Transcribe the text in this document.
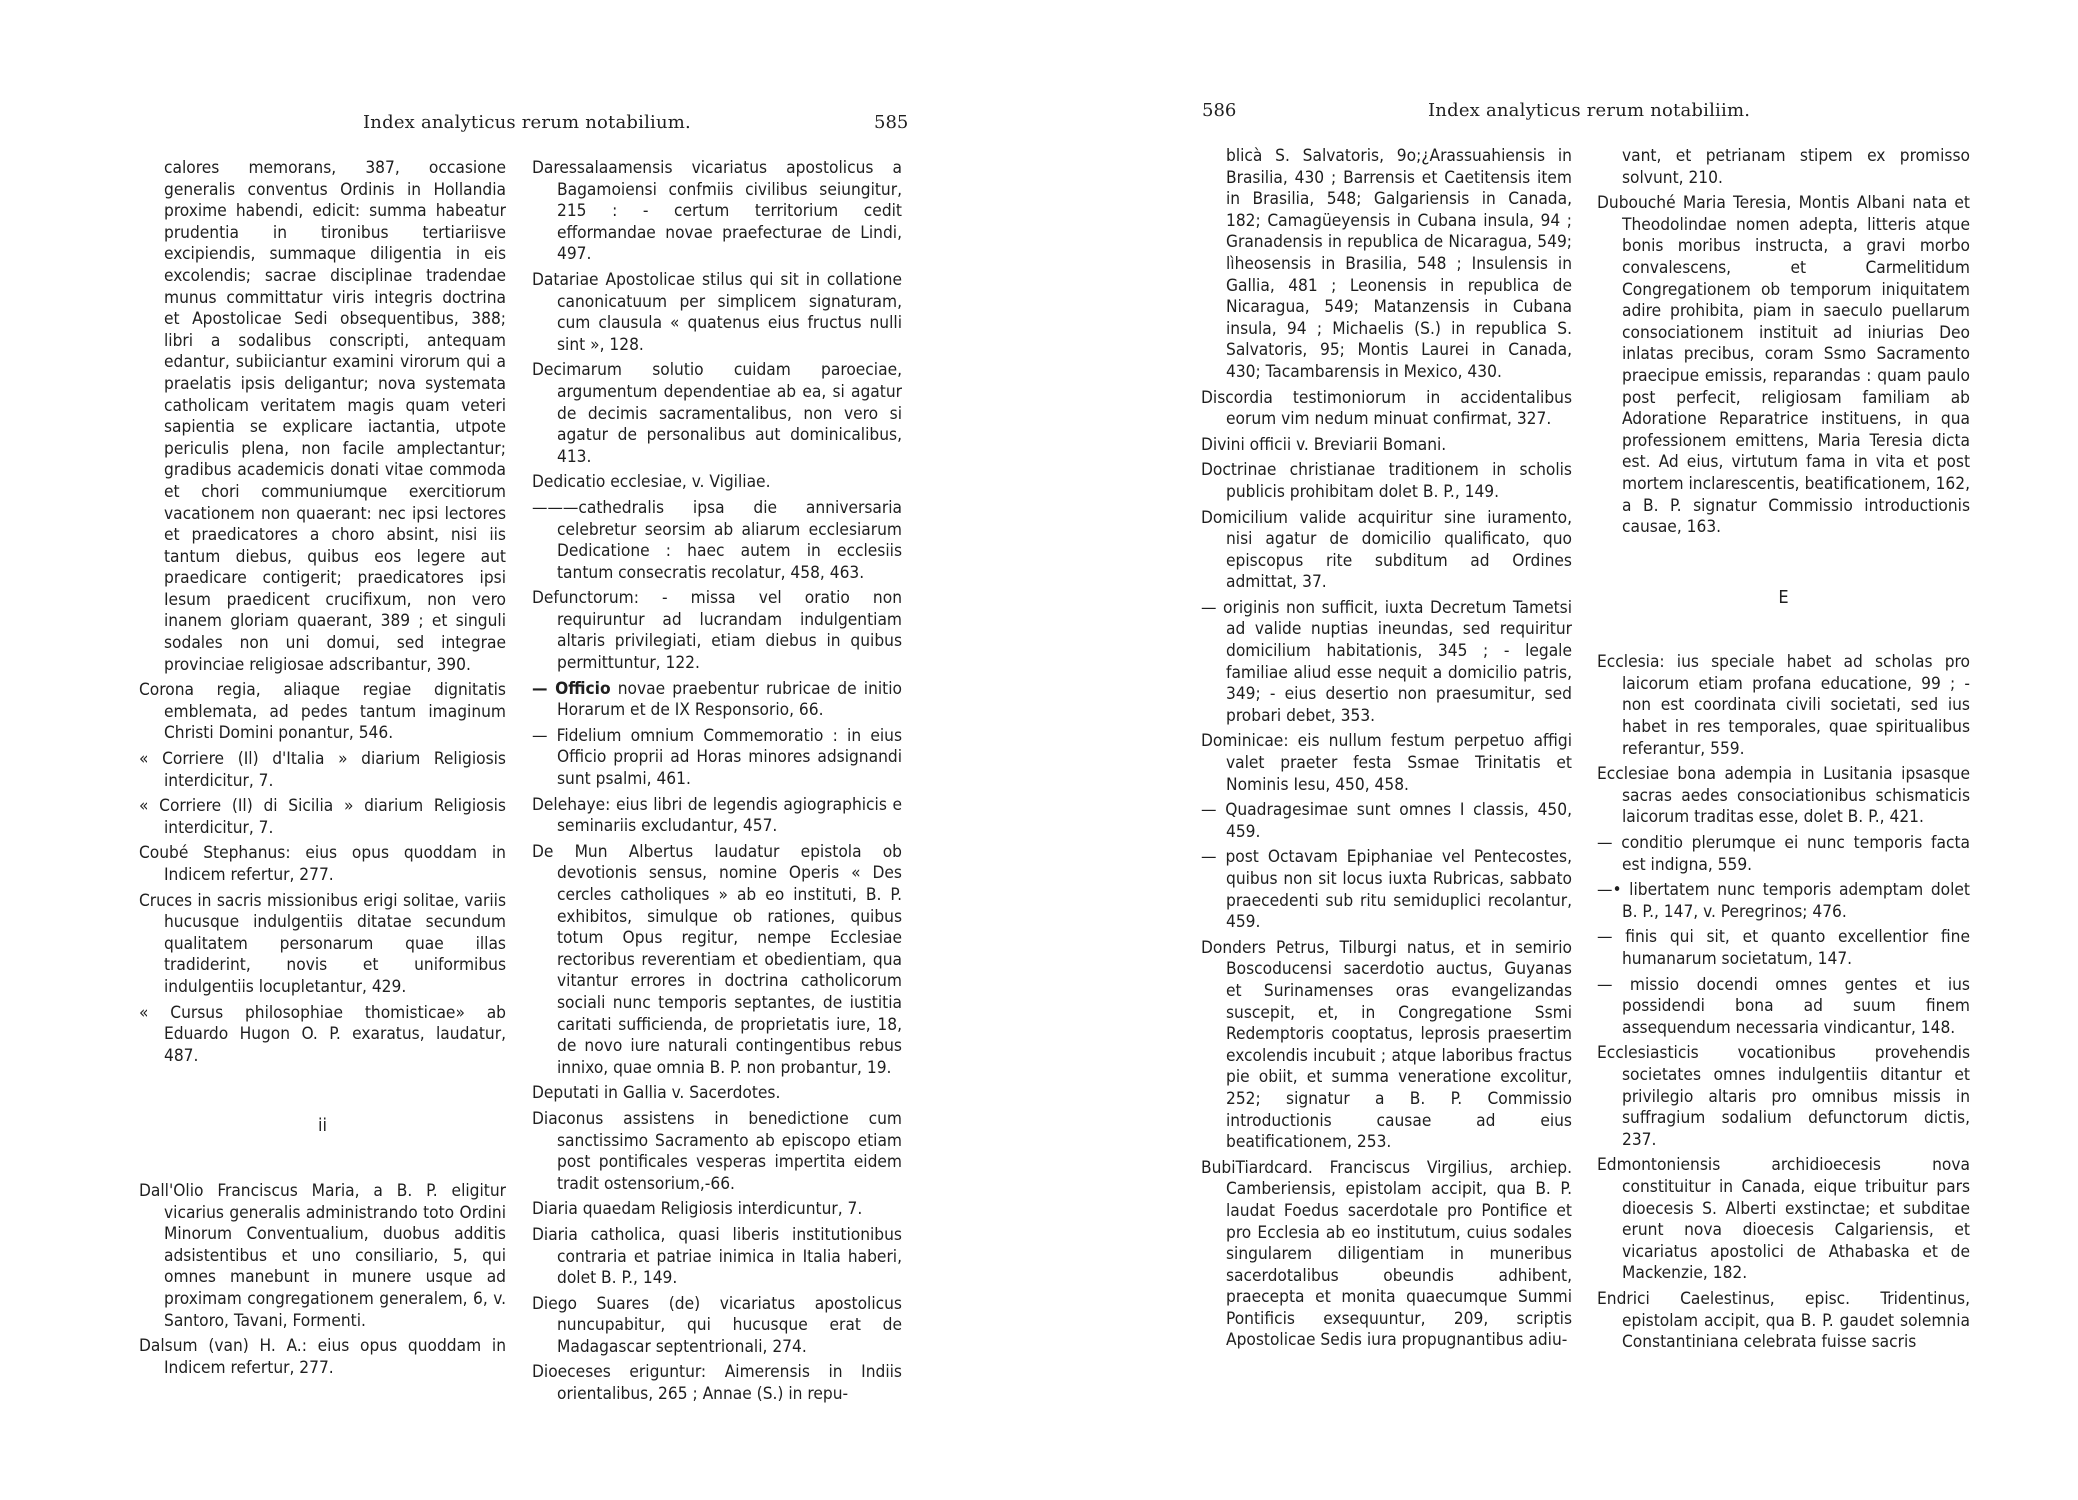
Index analyticus rerum notabilium.	585

calores memorans, 387, occasione generalis conventus Ordinis in Hollandia proxime habendi, edicit: summa habeatur prudentia in tironibus tertiariisve excipiendis, summaque diligentia in eis excolendis; sacrae disciplinae tradendae munus committatur viris integris doctrina et Apostolicae Sedi obsequentibus, 388; libri a sodalibus conscripti, antequam edantur, subiiciantur examini virorum qui a praelatis ipsis deligantur; nova systemata catholicam veritatem magis quam veteri sapientia se explicare iactantia, utpote periculis plena, non facile amplectantur; gradibus academicis donati vitae commoda et chori communiumque exercitiorum vacationem non quaerant: nec ipsi lectores et praedicatores a choro absint, nisi iis tantum diebus, quibus eos legere aut praedicare contigerit; praedicatores ipsi Iesum praedicent crucifixum, non vero inanem gloriam quaerant, 389 ; et singuli sodales non uni domui, sed integrae provinciae religiosae adscribantur, 390.

Corona regia, aliaque regiae dignitatis emblemata, ad pedes tantum imaginum Christi Domini ponantur, 546.

« Corriere (Il) d'Italia » diarium Religiosis interdicitur, 7.

« Corriere (Il) di Sicilia » diarium Religiosis interdicitur, 7.

Coubé Stephanus: eius opus quoddam in Indicem refertur, 277.

Cruces in sacris missionibus erigi solitae, variis hucusque indulgentiis ditatae secundum qualitatem personarum quae illas tradiderint, novis et uniformibus indulgentiis locupletantur, 429.

« Cursus philosophiae thomisticae» ab Eduardo Hugon O. P. exaratus, laudatur, 487.

ii

Dall'Olio Franciscus Maria, a B. P. eligitur vicarius generalis administrando toto Ordini Minorum Conventualium, duobus additis adsistentibus et uno consiliario, 5, qui omnes manebunt in munere usque ad proximam congregationem generalem, 6, v. Santoro, Tavani, Formenti.

Dalsum (van) H. A.: eius opus quoddam in Indicem refertur, 277.

Daressalaamensis vicariatus apostolicus a Bagamoiensi confmiis civilibus seiungitur, 215 : - certum territorium cedit efformandae novae praefecturae de Lindi, 497.

Datariae Apostolicae stilus qui sit in collatione canonicatuum per simplicem signaturam, cum clausula « quatenus eius fructus nulli sint », 128.

Decimarum solutio cuidam paroeciae, argumentum dependentiae ab ea, si agatur de decimis sacramentalibus, non vero si agatur de personalibus aut dominicalibus, 413.

Dedicatio ecclesiae, v. Vigiliae.

———cathedralis ipsa die anniversaria celebretur seorsim ab aliarum ecclesiarum Dedicatione : haec autem in ecclesiis tantum consecratis recolatur, 458, 463.

Defunctorum: - missa vel oratio non requiruntur ad lucrandam indulgentiam altaris privilegiati, etiam diebus in quibus permittuntur, 122.

— Officio novae praebentur rubricae de initio Horarum et de IX Responsorio, 66.

— Fidelium omnium Commemoratio : in eius Officio proprii ad Horas minores adsignandi sunt psalmi, 461.

Delehaye: eius libri de legendis agiographicis e seminariis excludantur, 457.

De Mun Albertus laudatur epistola ob devotionis sensus, nomine Operis « Des cercles catholiques » ab eo instituti, B. P. exhibitos, simulque ob rationes, quibus totum Opus regitur, nempe Ecclesiae rectoribus reverentiam et obedientiam, qua vitantur errores in doctrina catholicorum sociali nunc temporis septantes, de iustitia caritati sufficienda, de proprietatis iure, 18, de novo iure naturali contingentibus rebus innixo, quae omnia B. P. non probantur, 19.

Deputati in Gallia v. Sacerdotes.

Diaconus assistens in benedictione cum sanctissimo Sacramento ab episcopo etiam post pontificales vesperas impertita eidem tradit ostensorium,-66.

Diaria quaedam Religiosis interdicuntur, 7.

Diaria catholica, quasi liberis institutionibus contraria et patriae inimica in Italia haberi, dolet B. P., 149.

Diego Suares (de) vicariatus apostolicus nuncupabitur, qui hucusque erat de Madagascar septentrionali, 274.

Dioeceses eriguntur: Aimerensis in Indiis orientalibus, 265 ; Annae (S.) in repu-

586	Index analyticus rerum notabiliim.

blicà S. Salvatoris, 9o;¿Arassuahiensis in Brasilia, 430 ; Barrensis et Caetitensis item in Brasilia, 548; Galgariensis in Canada, 182; Camagüeyensis in Cubana insula, 94 ; Granadensis in republica de Nicaragua, 549; lìheosensis in Brasilia, 548 ; Insulensis in Gallia, 481 ; Leonensis in republica de Nicaragua, 549; Matanzensis in Cubana insula, 94 ; Michaelis (S.) in republica S. Salvatoris, 95; Montis Laurei in Canada, 430; Tacambarensis in Mexico, 430.

Discordia testimoniorum in accidentalibus eorum vim nedum minuat confirmat, 327.

Divini officii v. Breviarii Bomani.

Doctrinae christianae traditionem in scholis publicis prohibitam dolet B. P., 149.

Domicilium valide acquiritur sine iuramento, nisi agatur de domicilio qualificato, quo episcopus rite subditum ad Ordines admittat, 37.

— originis non sufficit, iuxta Decretum Tametsi ad valide nuptias ineundas, sed requiritur domicilium habitationis, 345 ; - legale familiae aliud esse nequit a domicilio patris, 349; - eius desertio non praesumitur, sed probari debet, 353.

Dominicae: eis nullum festum perpetuo affigi valet praeter festa Ssmae Trinitatis et Nominis Iesu, 450, 458.

— Quadragesimae sunt omnes I classis, 450, 459.

— post Octavam Epiphaniae vel Pentecostes, quibus non sit locus iuxta Rubricas, sabbato praecedenti sub ritu semiduplici recolantur, 459.

Donders Petrus, Tilburgi natus, et in semirio Boscoducensi sacerdotio auctus, Guyanas et Surinamenses oras evangelizandas suscepit, et, in Congregatione Ssmi Redemptoris cooptatus, leprosis praesertim excolendis incubuit ; atque laboribus fractus pie obiit, et summa veneratione excolitur, 252; signatur a B. P. Commissio introductionis causae ad eius beatificationem, 253.

BubiTiardcard. Franciscus Virgilius, archiep. Camberiensis, epistolam accipit, qua B. P. laudat Foedus sacerdotale pro Pontifice et pro Ecclesia ab eo institutum, cuius sodales singularem diligentiam in muneribus sacerdotalibus obeundis adhibent, praecepta et monita quaecumque Summi Pontificis exsequuntur, 209, scriptis Apostolicae Sedis iura propugnantibus adiu-

vant, et petrianam stipem ex promisso solvunt, 210.

Dubouché Maria Teresia, Montis Albani nata et Theodolindae nomen adepta, litteris atque bonis moribus instructa, a gravi morbo convalescens, et Carmelitidum Congregationem ob temporum iniquitatem adire prohibita, piam in saeculo puellarum consociationem instituit ad iniurias Deo inlatas precibus, coram Ssmo Sacramento praecipue emissis, reparandas : quam paulo post perfecit, religiosam familiam ab Adoratione Reparatrice instituens, in qua professionem emittens, Maria Teresia dicta est. Ad eius, virtutum fama in vita et post mortem inclarescentis, beatificationem, 162, a B. P. signatur Commissio introductionis causae, 163.

E

Ecclesia: ius speciale habet ad scholas pro laicorum etiam profana educatione, 99 ; - non est coordinata civili societati, sed ius habet in res temporales, quae spiritualibus referantur, 559.

Ecclesiae bona adempia in Lusitania ipsasque sacras aedes consociationibus schismaticis laicorum traditas esse, dolet B. P., 421.

— conditio plerumque ei nunc temporis facta est indigna, 559.

—• libertatem nunc temporis ademptam dolet B. P., 147, v. Peregrinos; 476.

— finis qui sit, et quanto excellentior fine humanarum societatum, 147.

— missio docendi omnes gentes et ius possidendi bona ad suum finem assequendum necessaria vindicantur, 148.

Ecclesiasticis vocationibus provehendis societates omnes indulgentiis ditantur et privilegio altaris pro omnibus missis in suffragium sodalium defunctorum dictis, 237.

Edmontoniensis archidioecesis nova constituitur in Canada, eique tribuitur pars dioecesis S. Alberti exstinctae; et subditae erunt nova dioecesis Calgariensis, et vicariatus apostolici de Athabaska et de Mackenzie, 182.

Endrici Caelestinus, episc. Tridentinus, epistolam accipit, qua B. P. gaudet solemnia Constantiniana celebrata fuisse sacris
